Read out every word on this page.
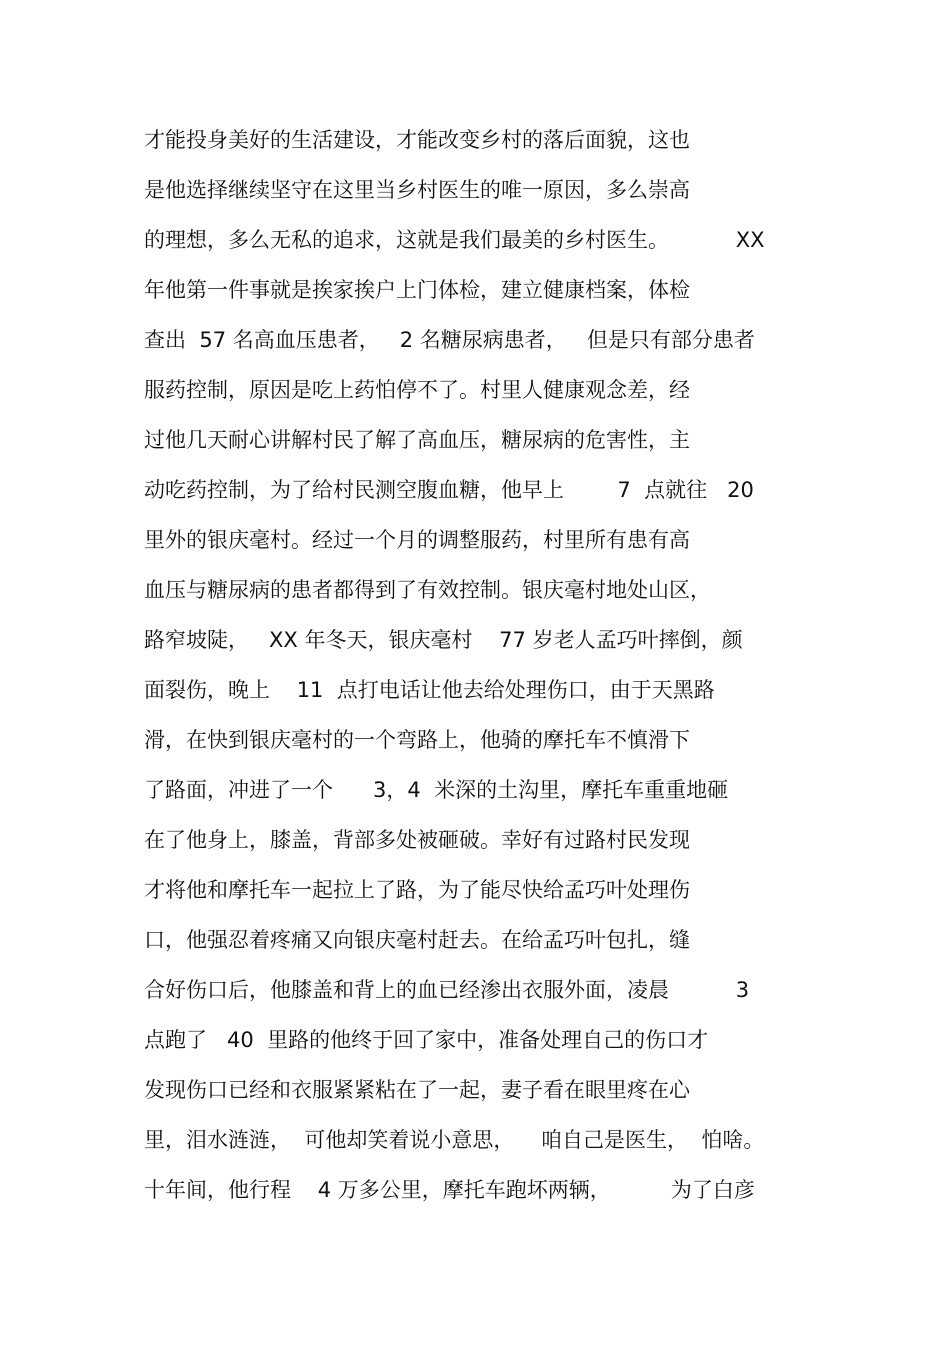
才能投身美好的生活建设，才能改变乡村的落后面貌，这也
是他选择继续坚守在这里当乡村医生的唯一原因，多么崇高
的理想，多么无私的追求，这就是我们最美的乡村医生。          XX
年他第一件事就是挨家挨户上门体检，建立健康档案，体检
查出  57 名高血压患者，   2 名糖尿病患者，   但是只有部分患者
服药控制，原因是吃上药怕停不了。村里人健康观念差，经
过他几天耐心讲解村民了解了高血压，糖尿病的危害性，主
动吃药控制，为了给村民测空腹血糖，他早上        7  点就往   20
里外的银庆毫村。经过一个月的调整服药，村里所有患有高
血压与糖尿病的患者都得到了有效控制。银庆毫村地处山区，
路窄坡陡，   XX 年冬天，银庆毫村    77 岁老人孟巧叶摔倒，颜
面裂伤，晚上    11  点打电话让他去给处理伤口，由于天黑路
滑，在快到银庆毫村的一个弯路上，他骑的摩托车不慎滑下
了路面，冲进了一个      3，4  米深的土沟里，摩托车重重地砸
在了他身上，膝盖，背部多处被砸破。幸好有过路村民发现
才将他和摩托车一起拉上了路，为了能尽快给孟巧叶处理伤
口，他强忍着疼痛又向银庆毫村赶去。在给孟巧叶包扎，缝
合好伤口后，他膝盖和背上的血已经渗出衣服外面，凌晨          3
点跑了   40  里路的他终于回了家中，准备处理自己的伤口才
发现伤口已经和衣服紧紧粘在了一起，妻子看在眼里疼在心
里，泪水涟涟，  可他却笑着说小意思，    咱自己是医生，  怕啥。
十年间，他行程    4 万多公里，摩托车跑坏两辆，         为了白彦
